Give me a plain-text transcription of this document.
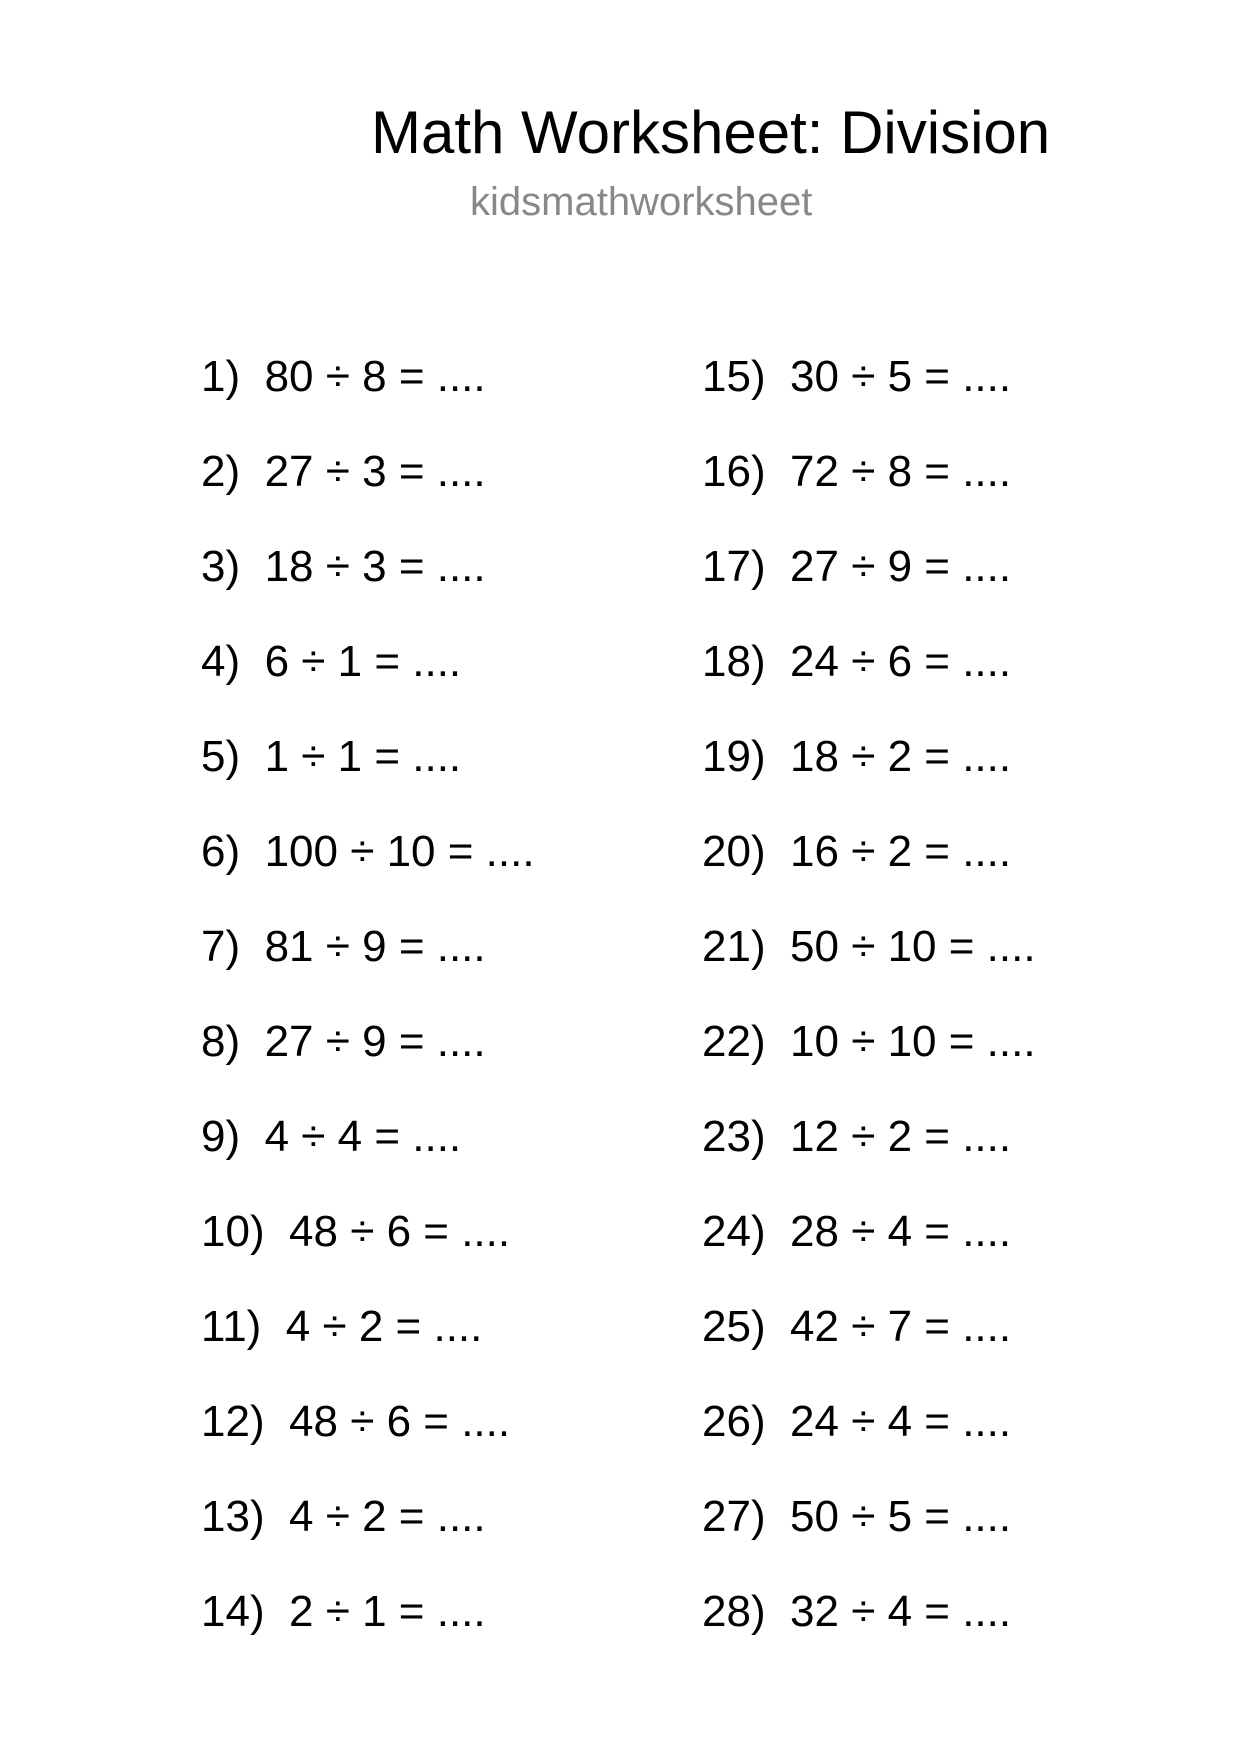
Math Worksheet: Division
kidsmathworksheet
1) 80 ÷ 8 = ....
2) 27 ÷ 3 = ....
3) 18 ÷ 3 = ....
4) 6 ÷ 1 = ....
5) 1 ÷ 1 = ....
6) 100 ÷ 10 = ....
7) 81 ÷ 9 = ....
8) 27 ÷ 9 = ....
9) 4 ÷ 4 = ....
10) 48 ÷ 6 = ....
11) 4 ÷ 2 = ....
12) 48 ÷ 6 = ....
13) 4 ÷ 2 = ....
14) 2 ÷ 1 = ....
15) 30 ÷ 5 = ....
16) 72 ÷ 8 = ....
17) 27 ÷ 9 = ....
18) 24 ÷ 6 = ....
19) 18 ÷ 2 = ....
20) 16 ÷ 2 = ....
21) 50 ÷ 10 = ....
22) 10 ÷ 10 = ....
23) 12 ÷ 2 = ....
24) 28 ÷ 4 = ....
25) 42 ÷ 7 = ....
26) 24 ÷ 4 = ....
27) 50 ÷ 5 = ....
28) 32 ÷ 4 = ....
